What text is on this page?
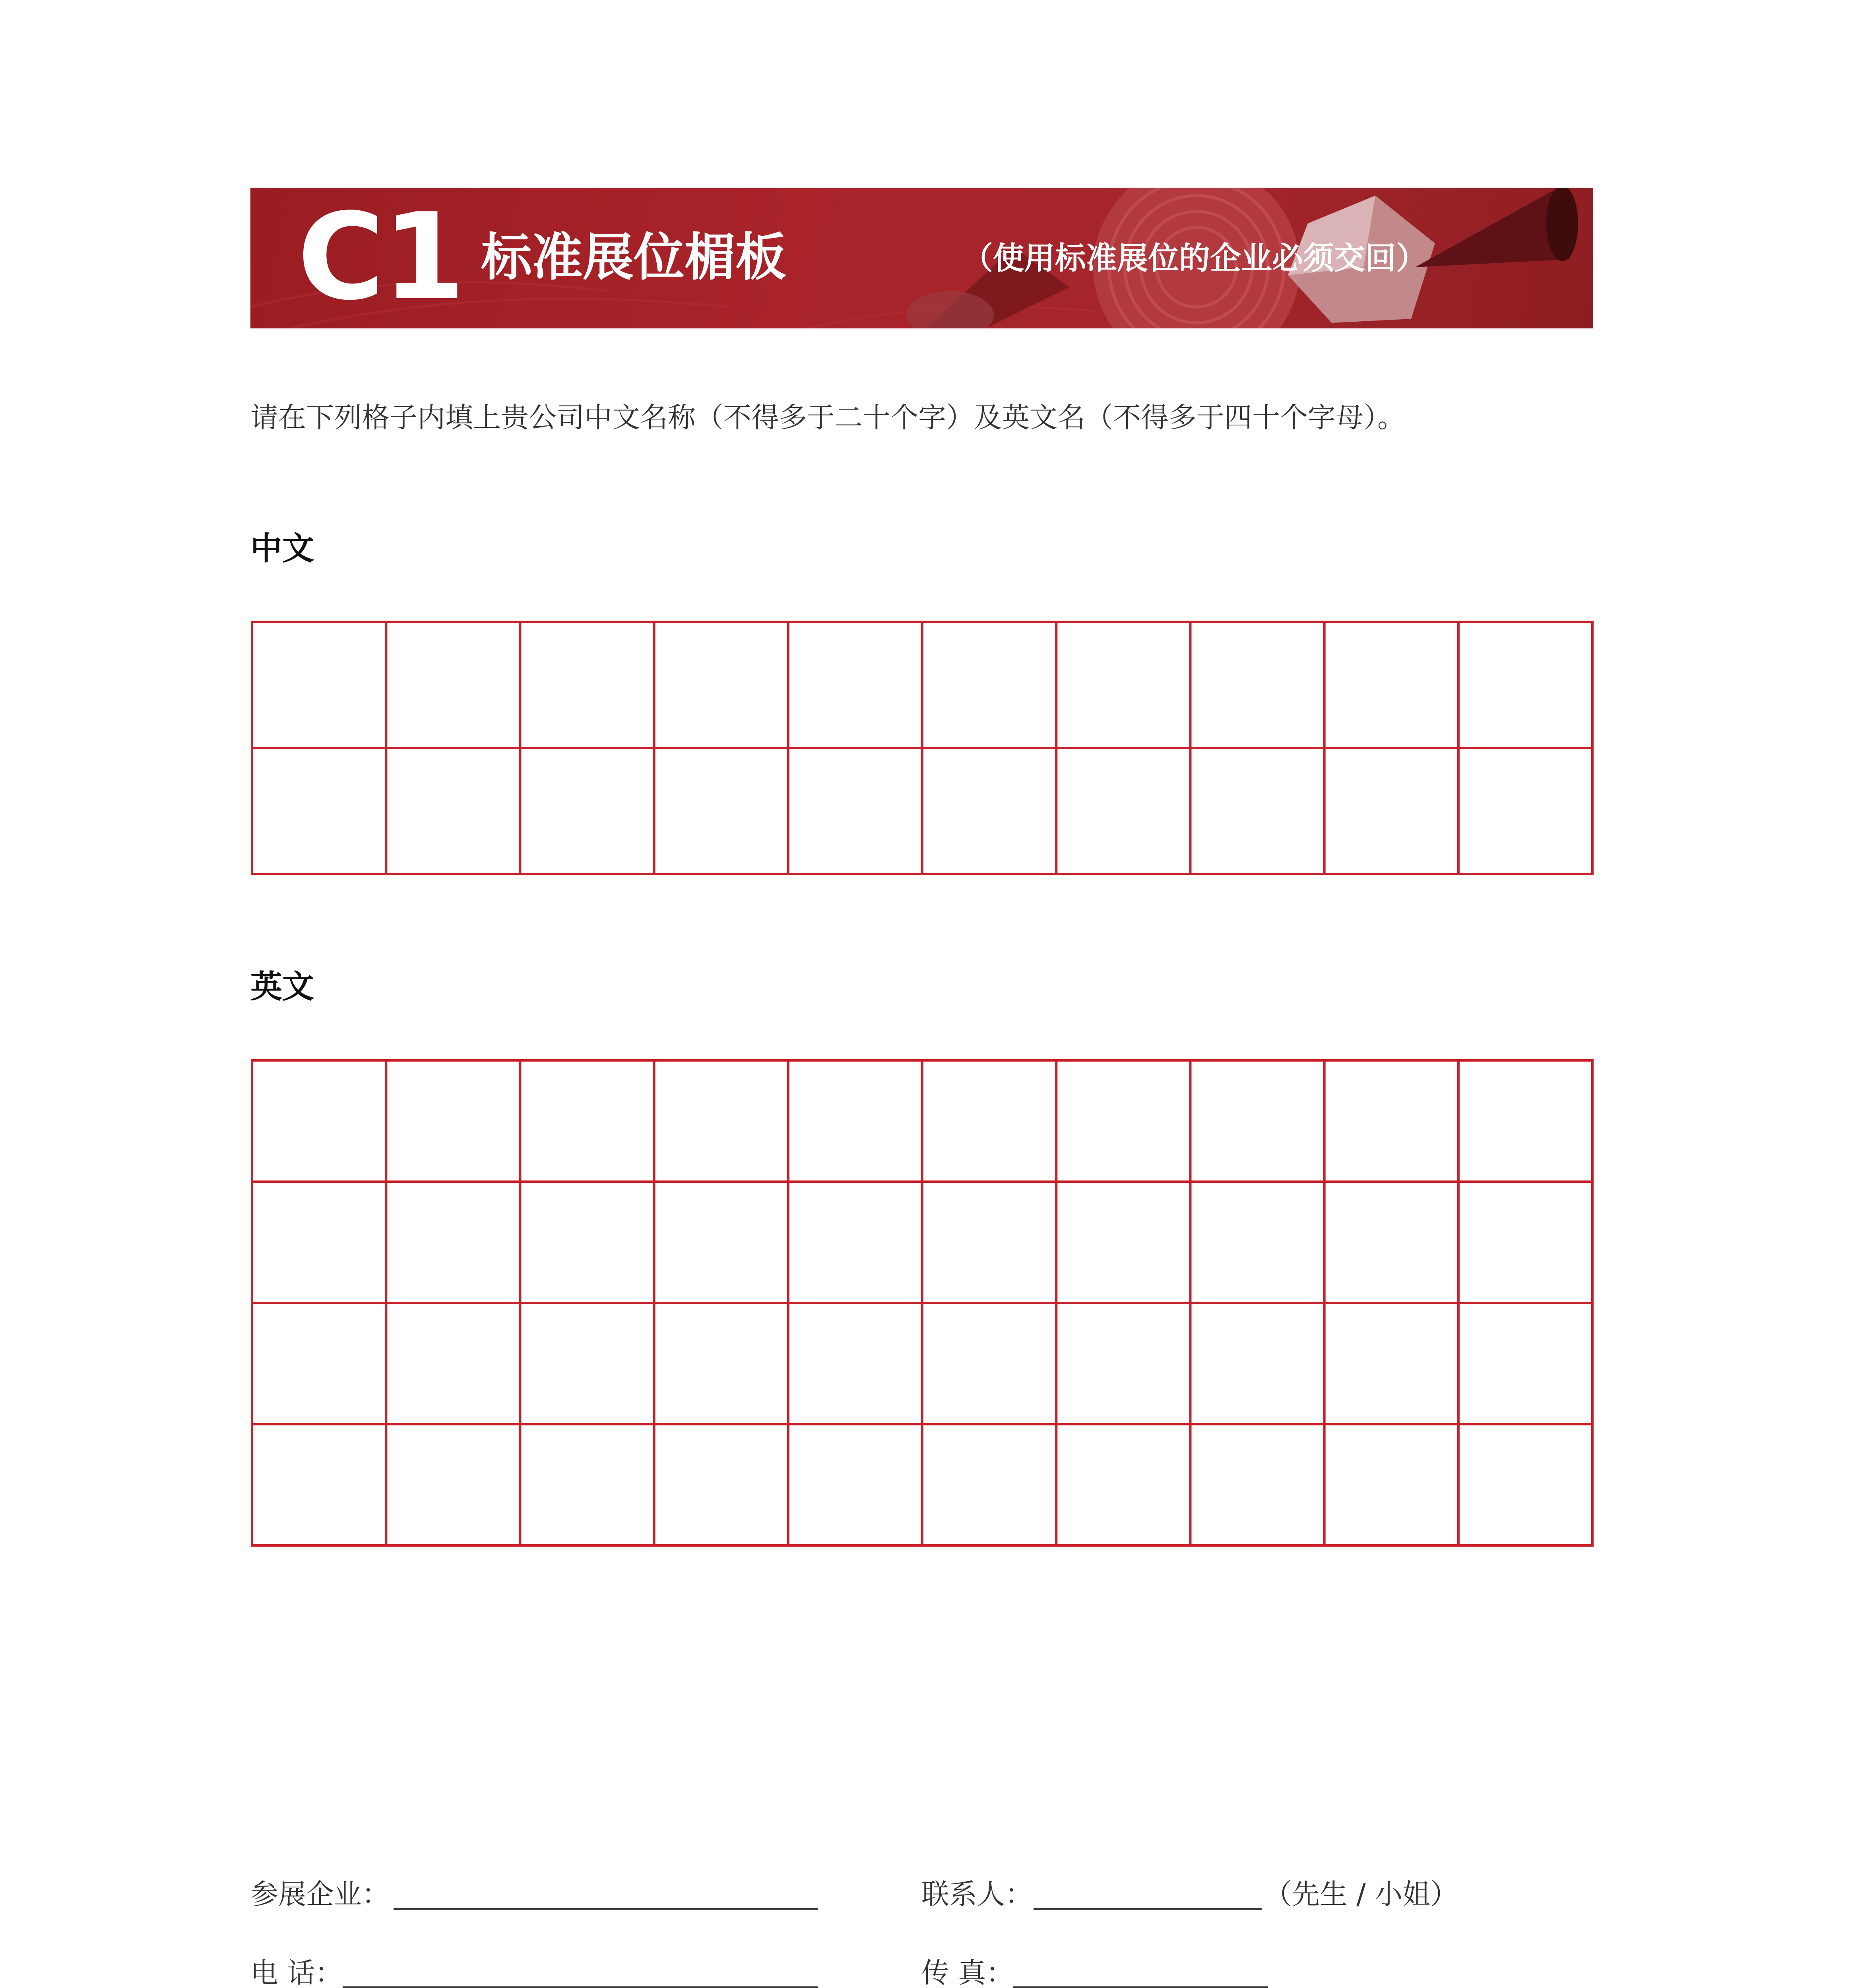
C1 标准展位楣板	（使用标准展位的企业必须交回）
请在下列格子内填上贵公司中文名称（不得多于二十个字）及英文名（不得多于四十个字母）。
中文
英文
参展企业：	联系人：	（先生 / 小姐）
电 话：	传 真：
